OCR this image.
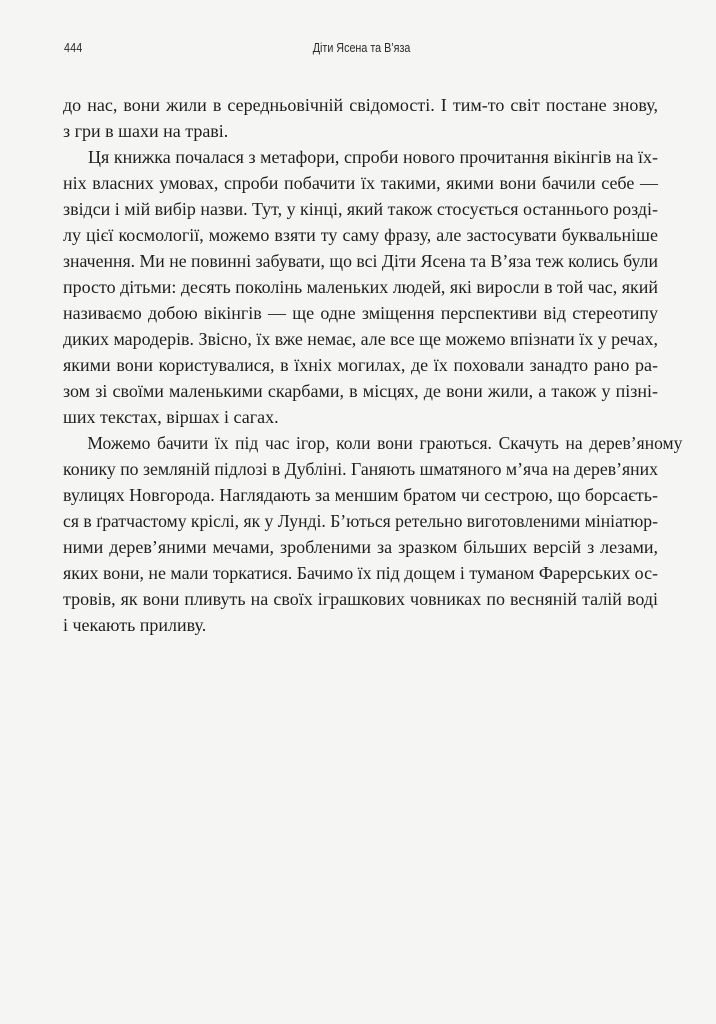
444	Діти Ясена та В’яза
до нас, вони жили в середньовічній свідомості. І тим-то світ постане знову,
з гри в шахи на траві.
Ця книжка почалася з метафори, спроби нового прочитання вікінгів на їх-
ніх власних умовах, спроби побачити їх такими, якими вони бачили себе —
звідси і мій вибір назви. Тут, у кінці, який також стосується останнього розді-
лу цієї космології, можемо взяти ту саму фразу, але застосувати буквальніше
значення. Ми не повинні забувати, що всі Діти Ясена та В’яза теж колись були
просто дітьми: десять поколінь маленьких людей, які виросли в той час, який
називаємо добою вікінгів — ще одне зміщення перспективи від стереотипу
диких мародерів. Звісно, їх вже немає, але все ще можемо впізнати їх у речах,
якими вони користувалися, в їхніх могилах, де їх поховали занадто рано ра-
зом зі своїми маленькими скарбами, в місцях, де вони жили, а також у пізні-
ших текстах, віршах і сагах.
Можемо бачити їх під час ігор, коли вони граються. Скачуть на дерев’яному
конику по земляній підлозі в Дубліні. Ганяють шматяного м’яча на дерев’яних
вулицях Новгорода. Наглядають за меншим братом чи сестрою, що борсаєть-
ся в ґратчастому кріслі, як у Лунді. Б’ються ретельно виготовленими мініатюр-
ними дерев’яними мечами, зробленими за зразком більших версій з лезами,
яких вони, не мали торкатися. Бачимо їх під дощем і туманом Фарерських ос-
тровів, як вони пливуть на своїх іграшкових човниках по весняній талій воді
і чекають приливу.
